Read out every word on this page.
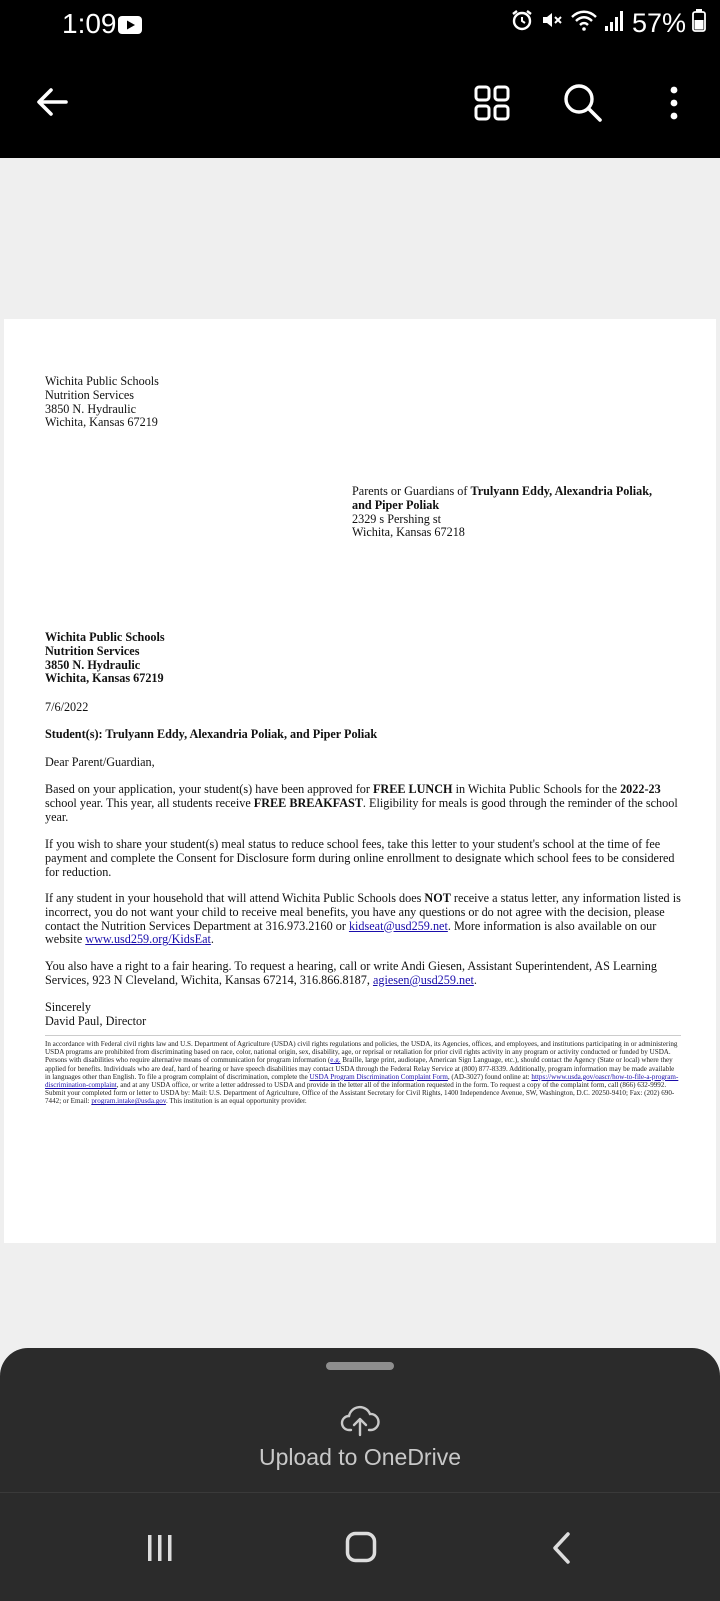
1:09	57%

Wichita Public Schools

Nutrition Services

3850 N. Hydraulic

Wichita, Kansas 67219

Parents or Guardians of Trulyann Eddy, Alexandria Poliak,

and Piper Poliak

2329 s Pershing st

Wichita, Kansas 67218

Wichita Public Schools

Nutrition Services

3850 N. Hydraulic

Wichita, Kansas 67219

7/6/2022
Student(s): Trulyann Eddy, Alexandria Poliak, and Piper Poliak
Dear Parent/Guardian,
Based on your application, your student(s) have been approved for FREE LUNCH in Wichita Public Schools for the 2022-23 school year. This year, all students receive FREE BREAKFAST. Eligibility for meals is good through the reminder of the school year.
If you wish to share your student(s) meal status to reduce school fees, take this letter to your student's school at the time of fee payment and complete the Consent for Disclosure form during online enrollment to designate which school fees to be considered for reduction.
If any student in your household that will attend Wichita Public Schools does NOT receive a status letter, any information listed is incorrect, you do not want your child to receive meal benefits, you have any questions or do not agree with the decision, please contact the Nutrition Services Department at 316.973.2160 or kidseat@usd259.net. More information is also available on our website www.usd259.org/KidsEat.
You also have a right to a fair hearing. To request a hearing, call or write Andi Giesen, Assistant Superintendent, AS Learning Services, 923 N Cleveland, Wichita, Kansas 67214, 316.866.8187, agiesen@usd259.net.
Sincerely
David Paul, Director
In accordance with Federal civil rights law and U.S. Department of Agriculture (USDA) civil rights regulations and policies, the USDA, its Agencies, offices, and employees, and institutions participating in or administering USDA programs are prohibited from discriminating based on race, color, national origin, sex, disability, age, or reprisal or retaliation for prior civil rights activity in any program or activity conducted or funded by USDA. Persons with disabilities who require alternative means of communication for program information (e.g. Braille, large print, audiotape, American Sign Language, etc.), should contact the Agency (State or local) where they applied for benefits. Individuals who are deaf, hard of hearing or have speech disabilities may contact USDA through the Federal Relay Service at (800) 877-8339. Additionally, program information may be made available in languages other than English. To file a program complaint of discrimination, complete the USDA Program Discrimination Complaint Form, (AD-3027) found online at: https://www.usda.gov/oascr/how-to-file-a-program-discrimination-complaint, and at any USDA office, or write a letter addressed to USDA and provide in the letter all of the information requested in the form. To request a copy of the complaint form, call (866) 632-9992. Submit your completed form or letter to USDA by: Mail: U.S. Department of Agriculture, Office of the Assistant Secretary for Civil Rights, 1400 Independence Avenue, SW, Washington, D.C. 20250-9410; Fax: (202) 690-7442; or Email: program.intake@usda.gov. This institution is an equal opportunity provider.
Upload to OneDrive
